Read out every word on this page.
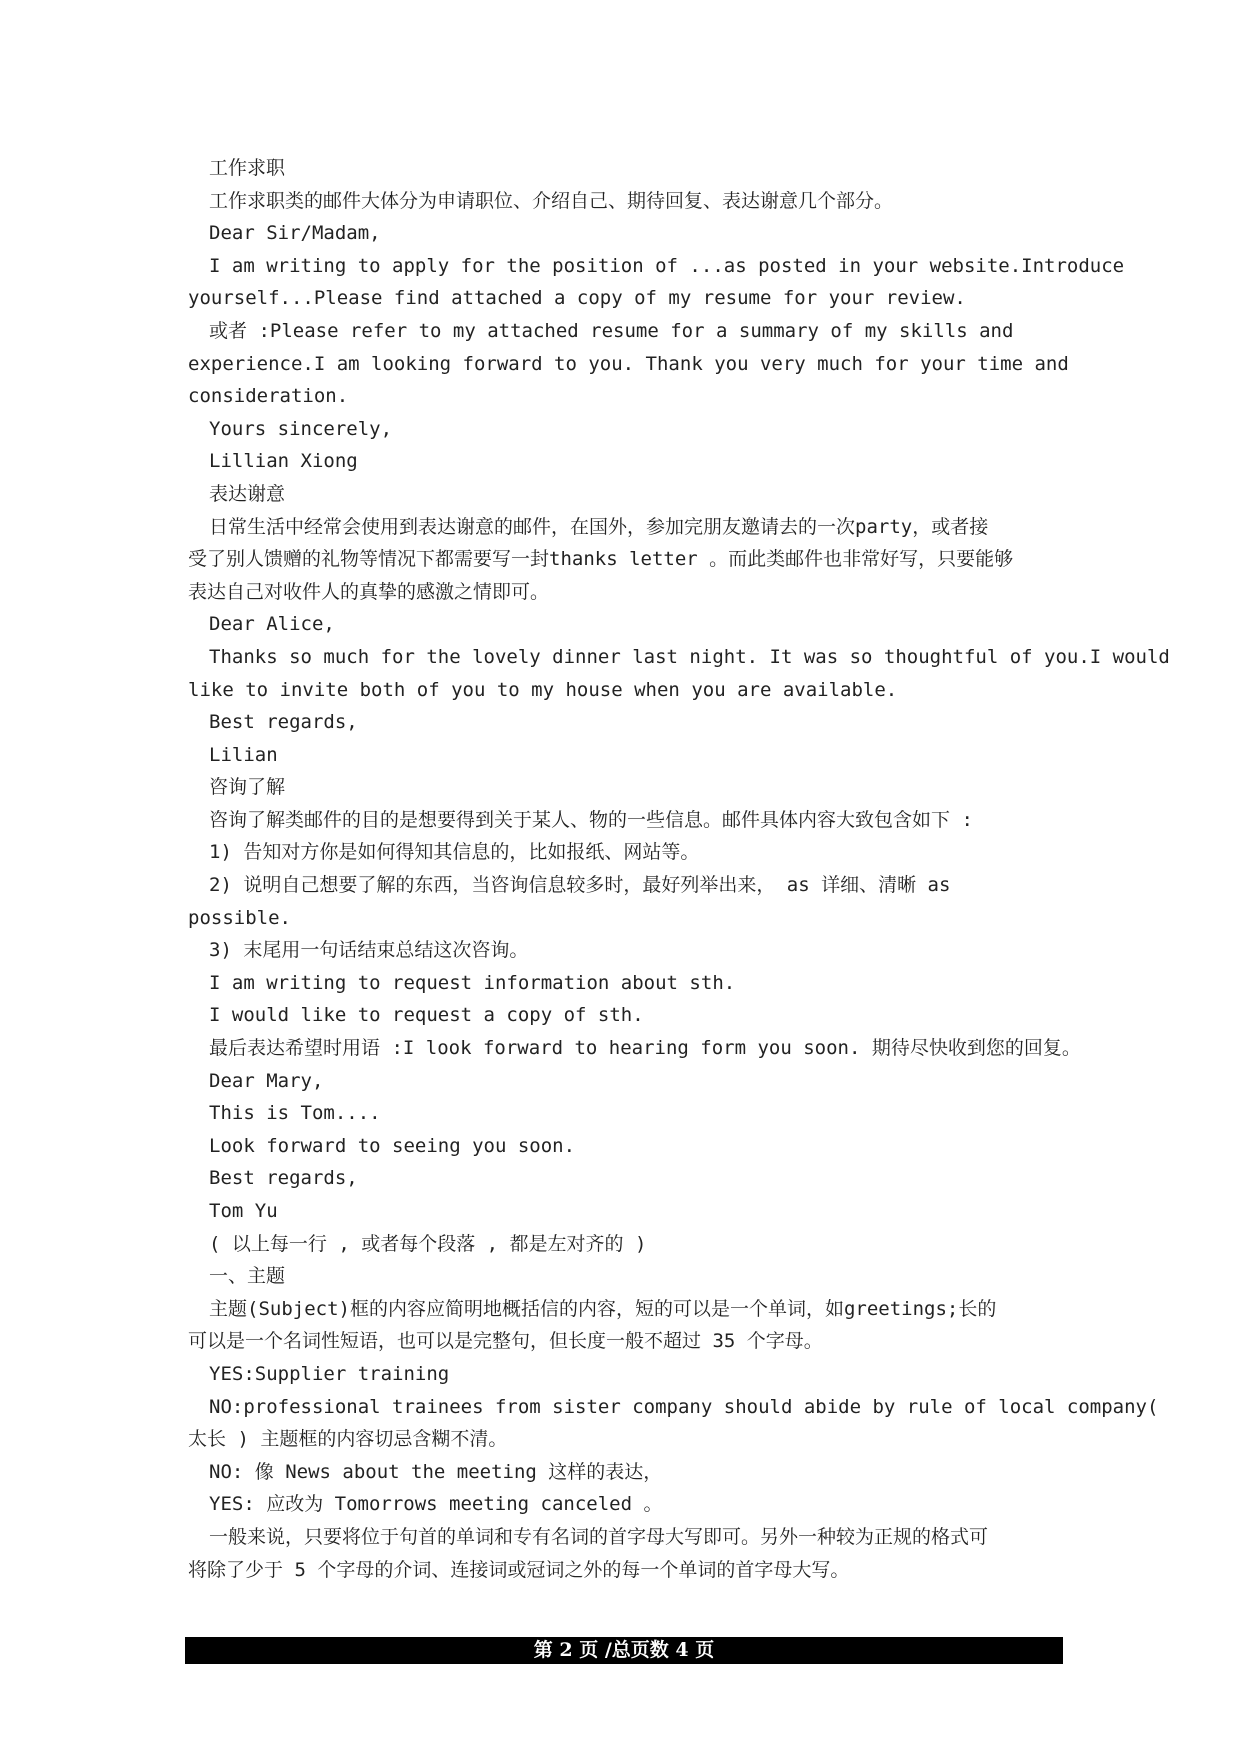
工作求职
工作求职类的邮件大体分为申请职位、介绍自己、期待回复、表达谢意几个部分。
Dear Sir/Madam,
I am writing to apply for the position of ...as posted in your website.Introduce
yourself...Please find attached a copy of my resume for your review.
或者 :Please refer to my attached resume for a summary of my skills and
experience.I am looking forward to you. Thank you very much for your time and
consideration.
Yours sincerely,
Lillian Xiong
表达谢意
日常生活中经常会使用到表达谢意的邮件，在国外，参加完朋友邀请去的一次party，或者接
受了别人馈赠的礼物等情况下都需要写一封thanks letter 。而此类邮件也非常好写，只要能够
表达自己对收件人的真挚的感激之情即可。
Dear Alice,
Thanks so much for the lovely dinner last night. It was so thoughtful of you.I would
like to invite both of you to my house when you are available.
Best regards,
Lilian
咨询了解
咨询了解类邮件的目的是想要得到关于某人、物的一些信息。邮件具体内容大致包含如下 :
1) 告知对方你是如何得知其信息的，比如报纸、网站等。
2) 说明自己想要了解的东西，当咨询信息较多时，最好列举出来， as 详细、清晰 as
possible.
3) 末尾用一句话结束总结这次咨询。
I am writing to request information about sth.
I would like to request a copy of sth.
最后表达希望时用语 :I look forward to hearing form you soon. 期待尽快收到您的回复。
Dear Mary,
This is Tom....
Look forward to seeing you soon.
Best regards,
Tom Yu
( 以上每一行 , 或者每个段落 , 都是左对齐的 )
一、主题
主题(Subject)框的内容应简明地概括信的内容，短的可以是一个单词，如greetings;长的
可以是一个名词性短语，也可以是完整句，但长度一般不超过 35 个字母。
YES:Supplier training
NO:professional trainees from sister company should abide by rule of local company(
太长 ) 主题框的内容切忌含糊不清。
NO: 像 News about the meeting 这样的表达，
YES: 应改为 Tomorrows meeting canceled 。
一般来说，只要将位于句首的单词和专有名词的首字母大写即可。另外一种较为正规的格式可
将除了少于 5 个字母的介词、连接词或冠词之外的每一个单词的首字母大写。
第 2 页 /总页数 4 页
